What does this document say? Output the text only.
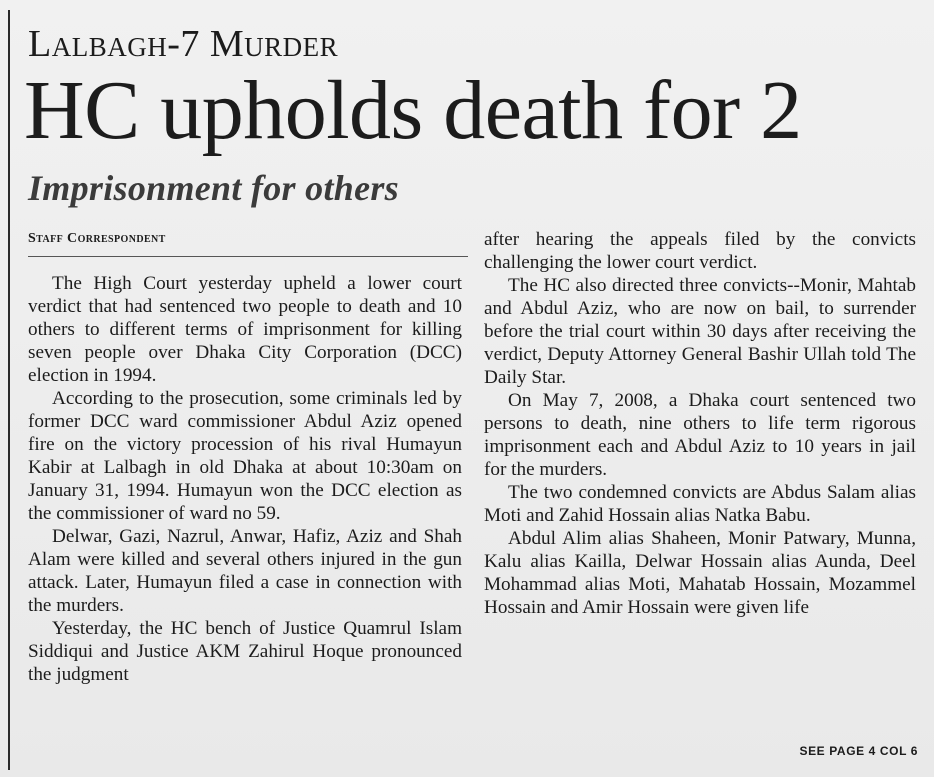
Lalbagh-7 Murder
HC upholds death for 2
Imprisonment for others
Staff Correspondent

The High Court yesterday upheld a lower court verdict that had sentenced two people to death and 10 others to different terms of imprisonment for killing seven people over Dhaka City Corporation (DCC) election in 1994.

According to the prosecution, some criminals led by former DCC ward commissioner Abdul Aziz opened fire on the victory procession of his rival Humayun Kabir at Lalbagh in old Dhaka at about 10:30am on January 31, 1994. Humayun won the DCC election as the commissioner of ward no 59.

Delwar, Gazi, Nazrul, Anwar, Hafiz, Aziz and Shah Alam were killed and several others injured in the gun attack. Later, Humayun filed a case in connection with the murders.

Yesterday, the HC bench of Justice Quamrul Islam Siddiqui and Justice AKM Zahirul Hoque pronounced the judgment

after hearing the appeals filed by the convicts challenging the lower court verdict.

The HC also directed three convicts--Monir, Mahtab and Abdul Aziz, who are now on bail, to surrender before the trial court within 30 days after receiving the verdict, Deputy Attorney General Bashir Ullah told The Daily Star.

On May 7, 2008, a Dhaka court sentenced two persons to death, nine others to life term rigorous imprisonment each and Abdul Aziz to 10 years in jail for the murders.

The two condemned convicts are Abdus Salam alias Moti and Zahid Hossain alias Natka Babu.

Abdul Alim alias Shaheen, Monir Patwary, Munna, Kalu alias Kailla, Delwar Hossain alias Aunda, Deel Mohammad alias Moti, Mahatab Hossain, Mozammel Hossain and Amir Hossain were given life

SEE PAGE 4 COL 6
